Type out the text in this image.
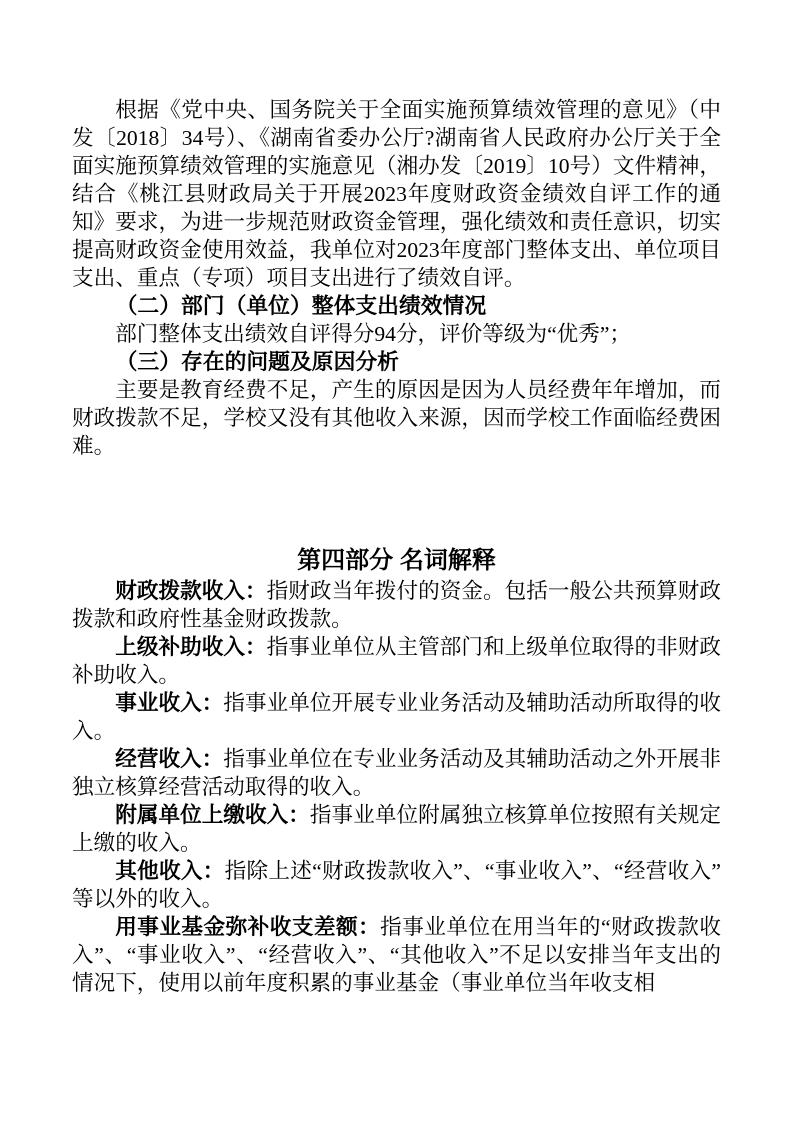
根据《党中央、国务院关于全面实施预算绩效管理的意见》（中发〔2018〕34号）、《湖南省委办公厅?湖南省人民政府办公厅关于全面实施预算绩效管理的实施意见（湘办发〔2019〕10号）文件精神，结合《桃江县财政局关于开展2023年度财政资金绩效自评工作的通知》要求，为进一步规范财政资金管理，强化绩效和责任意识，切实提高财政资金使用效益，我单位对2023年度部门整体支出、单位项目支出、重点（专项）项目支出进行了绩效自评。

（二）部门（单位）整体支出绩效情况

部门整体支出绩效自评得分94分，评价等级为“优秀”；

（三）存在的问题及原因分析

主要是教育经费不足，产生的原因是因为人员经费年年增加，而财政拨款不足，学校又没有其他收入来源，因而学校工作面临经费困难。

第四部分 名词解释

财政拨款收入：指财政当年拨付的资金。包括一般公共预算财政拨款和政府性基金财政拨款。

上级补助收入：指事业单位从主管部门和上级单位取得的非财政补助收入。

事业收入：指事业单位开展专业业务活动及辅助活动所取得的收入。

经营收入：指事业单位在专业业务活动及其辅助活动之外开展非独立核算经营活动取得的收入。

附属单位上缴收入：指事业单位附属独立核算单位按照有关规定上缴的收入。

其他收入：指除上述“财政拨款收入”、“事业收入”、“经营收入”等以外的收入。

用事业基金弥补收支差额：指事业单位在用当年的“财政拨款收入”、“事业收入”、“经营收入”、“其他收入”不足以安排当年支出的情况下，使用以前年度积累的事业基金（事业单位当年收支相
